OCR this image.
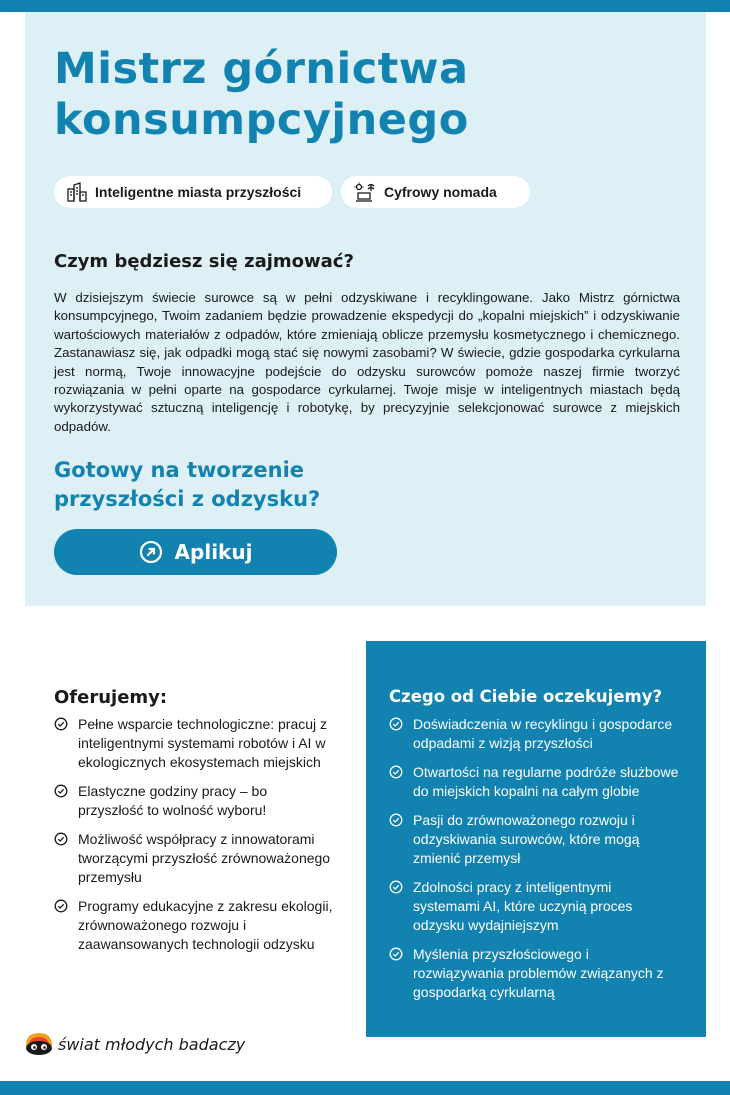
Mistrz górnictwa
konsumpcyjnego
Inteligentne miasta przyszłości	Cyfrowy nomada
Czym będziesz się zajmować?

W dzisiejszym świecie surowce są w pełni odzyskiwane i recyklingowane. Jako Mistrz górnictwa konsumpcyjnego, Twoim zadaniem będzie prowadzenie ekspedycji do „kopalni miejskich” i odzyskiwanie wartościowych materiałów z odpadów, które zmieniają oblicze przemysłu kosmetycznego i chemicznego. Zastanawiasz się, jak odpadki mogą stać się nowymi zasobami? W świecie, gdzie gospodarka cyrkularna jest normą, Twoje innowacyjne podejście do odzysku surowców pomoże naszej firmie tworzyć rozwiązania w pełni oparte na gospodarce cyrkularnej. Twoje misje w inteligentnych miastach będą wykorzystywać sztuczną inteligencję i robotykę, by precyzyjnie selekcjonować surowce z miejskich odpadów.

Gotowy na tworzenie
przyszłości z odzysku?
Aplikuj
Oferujemy:
Pełne wsparcie technologiczne: pracuj z inteligentnymi systemami robotów i AI w ekologicznych ekosystemach miejskich
Elastyczne godziny pracy – bo przyszłość to wolność wyboru!
Możliwość współpracy z innowatorami tworzącymi przyszłość zrównoważonego przemysłu
Programy edukacyjne z zakresu ekologii, zrównoważonego rozwoju i zaawansowanych technologii odzysku
Czego od Ciebie oczekujemy?
Doświadczenia w recyklingu i gospodarce odpadami z wizją przyszłości
Otwartości na regularne podróże służbowe do miejskich kopalni na całym globie
Pasji do zrównoważonego rozwoju i odzyskiwania surowców, które mogą zmienić przemysł
Zdolności pracy z inteligentnymi systemami AI, które uczynią proces odzysku wydajniejszym
Myślenia przyszłościowego i rozwiązywania problemów związanych z gospodarką cyrkularną
świat młodych badaczy
